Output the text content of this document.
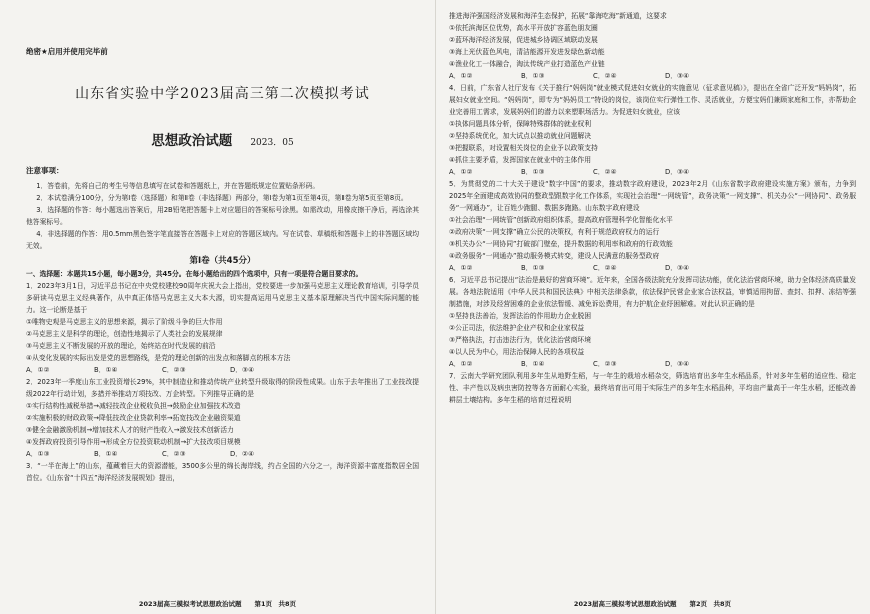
绝密★启用并使用完毕前

山东省实验中学2023届高三第二次模拟考试

思想政治试题 2023．05

注意事项：

1．答卷前，先将自己的考生号等信息填写在试卷和答题纸上，并在答题纸规定位置贴条形码。

2．本试卷满分100分，分为第Ⅰ卷（选择题）和第Ⅱ卷（非选择题）两部分，第Ⅰ卷为第1页至第4页，第Ⅱ卷为第5页至第8页。

3．选择题的作答：每小题选出答案后，用2B铅笔把答题卡上对应题目的答案标号涂黑。如需改动，用橡皮擦干净后，再选涂其他答案标号。

4．非选择题的作答：用0.5mm黑色签字笔直接答在答题卡上对应的答题区域内。写在试卷、草稿纸和答题卡上的非答题区域均无效。

第Ⅰ卷（共45分）

一、选择题：本题共15小题，每小题3分，共45分。在每小题给出的四个选项中，只有一项是符合题目要求的。

1．2023年3月1日，习近平总书记在中央党校建校90周年庆祝大会上指出，党校要进一步加强马克思主义理论教育培训，引导学员多研读马克思主义经典著作，从中真正体悟马克思主义大本大源，切实提高运用马克思主义基本原理解决当代中国实际问题的能力。这一论断是基于

①唯物史观是马克思主义的思想来源，揭示了阶级斗争的巨大作用

②马克思主义是科学的理论，创造性地揭示了人类社会的发展规律

③马克思主义不断发展的开放的理论，始终站在时代发展的前沿

④从变化发展的实际出发是党的思想路线，是党的理论创新的出发点和落脚点的根本方法

A．①②	B．①④	C．②③	D．③④

2．2023年一季度山东工业投资增长29%，其中制造业和推动传统产业转型升级取得的阶段性成果。山东于去年推出了工业技改提级2022年行动计划，多措并举推动万项技改、万企转型。下列推导正确的是

①实行结构性减税举措→减轻技改企业税收负担→鼓励企业加强技术改造

②实施积极的财政政策→降低技改企业贷款利率→拓宽技改企业融资渠道

③健全金融激励机制→增加技术人才的财产性收入→激发技术创新活力

④发挥政府投资引导作用→形成全方位投资联动机制→扩大技改项目规模

A．①③	B．①④	C．②③	D．②④

3．“一半在海上”的山东，蕴藏着巨大的资源潜能，3500多公里的绵长海岸线，约占全国的六分之一，海洋资源丰富度指数居全国首位。《山东省“十四五”海洋经济发展规划》提出，

2023届高三模拟考试思想政治试题　　第1页　共8页

推进海洋强国经济发展和海洋生态保护，拓展“靠海吃海”新通道，这要求

①依托滨海区位优势，高水平开放扩容蓝色朋友圈

②蓝环海洋经济发展，促进城乡协调区域联动发展

③海上光伏蓝色风电，清洁能源开发进发绿色新动能

④渔业化工一体融合，淘汰传统产业打造蓝色产业链

A．①②	B．①③	C．②④	D．③④

4．日前，广东省人社厅发布《关于推行“妈妈岗”就业模式促进妇女就业的实施意见（征求意见稿）》，提出在全省广泛开发“妈妈岗”，拓展妇女就业空间。“妈妈岗”，即专为“妈妈员工”特设的岗位，该岗位实行弹性工作、灵活就业，方便宝妈们兼顾家庭和工作，亦帮助企业完善用工需求，发展妈妈们的潜力以来塑职场活力。为促进妇女就业，应该

①执体问题具体分析，保障特殊群体的就业权利

②坚持系统优化，加大试点以推动就业问题解决

③把握联系，对设置相关岗位的企业予以政策支持

④抓住主要矛盾，发挥国家在就业中的主体作用

A．①②	B．①③	C．②④	D．③④

5．为贯彻党的二十大关于建设“数字中国”的要求，推动数字政府建设，2023年2月《山东省数字政府建设实施方案》颁布，力争到2025年全面建成高效协同的整政型跟数字化工作体系，实现社会治理“一网统管”，政务决策“一网支撑”、机关办公“一网协同”、政务服务“一网通办”，让百姓少跑腿、数据多跑路。山东数字政府建设

①社会治理“一网统管”创新政府组织体系，提高政府管理科学化智能化水平

②政府决策“一网支撑”确立公民的决策权，有利于规范政府权力的运行

③机关办公“一网协同”打破部门壁垒，提升数据的利用率和政府的行政效能

④政务服务“一网通办”推动服务模式转变，建设人民满意的服务型政府

A．①②	B．①③	C．②④	D．③④

6．习近平总书记提出“法治是最好的营商环境”。近年来，全国各级法院充分发挥司法功能，优化法治营商环境，助力全体经济高质量发展。各地法院适用《中华人民共和国民法典》中相关法律条款，依法保护民营企业家合法权益，审慎适用拘留、查封、扣押、冻结等强制措施，对涉及经营困难的企业依法暂缓、减免诉讼费用，有力护航企业纾困解难。对此认识正确的是

①坚持良法善治，发挥法治的作用助力企业脱困

②公正司法，依法维护企业产权和企业家权益

③严格执法，打击违法行为，优化法治营商环境

④以人民为中心，用法治保障人民的各项权益

A．①②	B．①④	C．②③	D．③④

7．云南大学研究团队利用多年生从地野生稻，与一年生的栽培水稻杂交，筛选培育出多年生水稻品系，针对多年生稻的适应性、稳定性、丰产性以及病虫害防控等各方面耐心实验，最终培育出可用于实际生产的多年生水稻品种，平均亩产量高于一年生水稻，还能改善耕层土壤结构。多年生稻的培育过程说明

2023届高三模拟考试思想政治试题　　第2页　共8页
